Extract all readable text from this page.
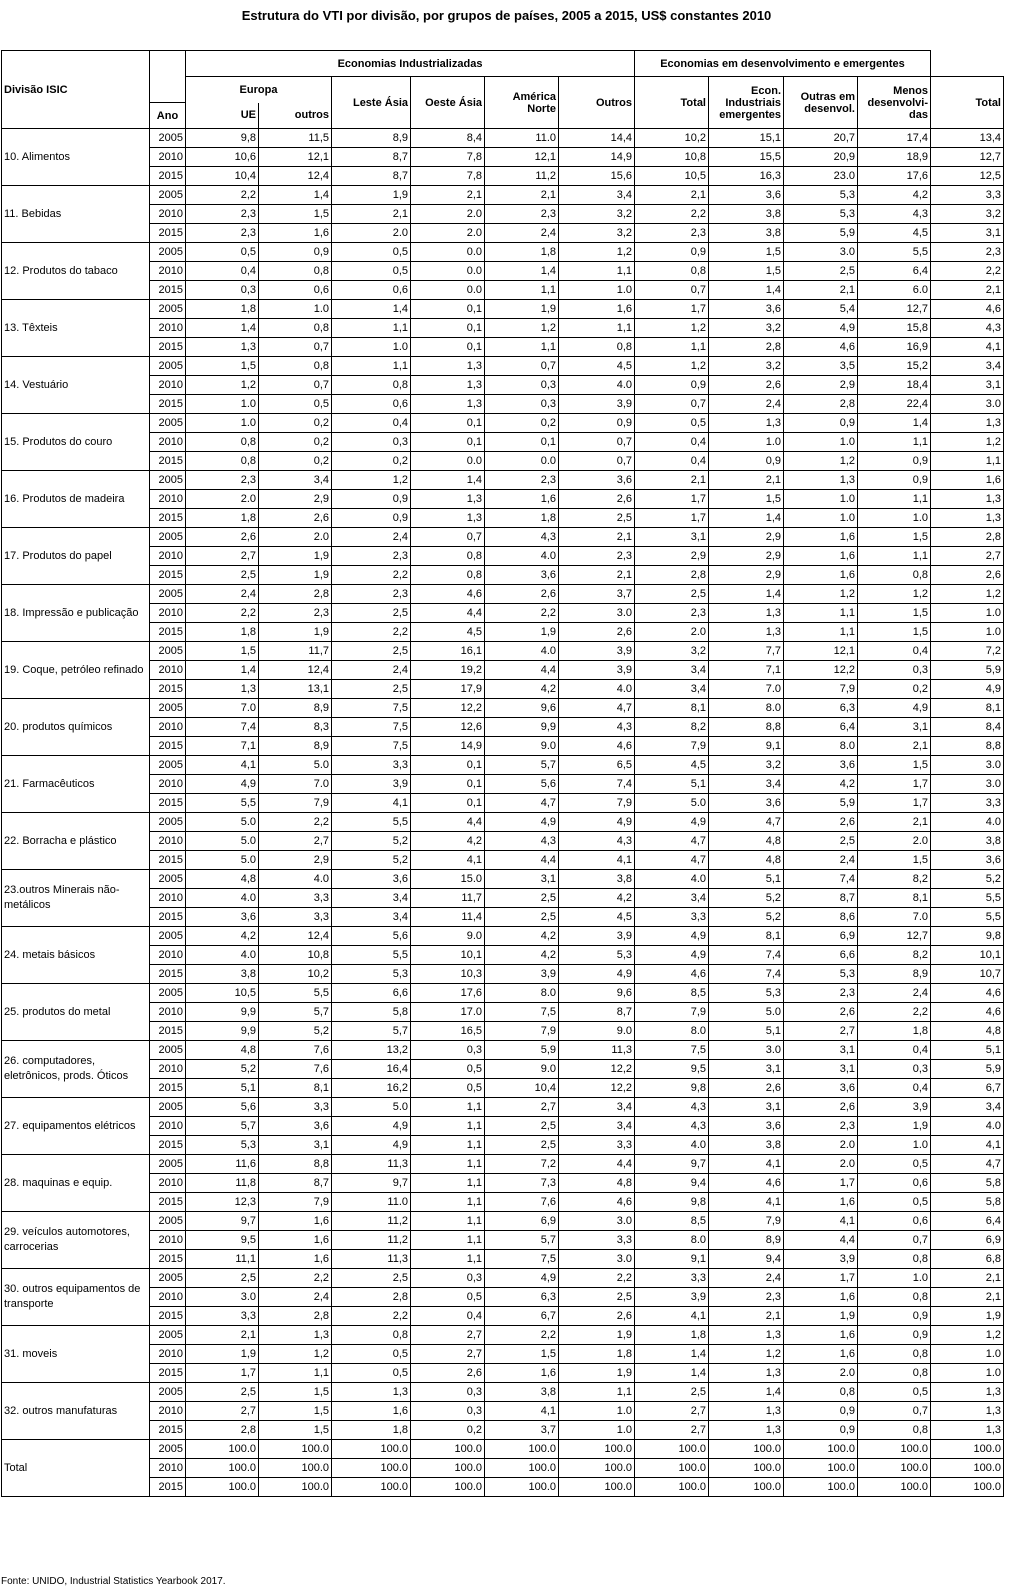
Estrutura do VTI por divisão, por grupos de países, 2005 a 2015, US$ constantes 2010
Divisão ISIC		Economias Industrializadas						Economias em desenvolvimento e emergentes				
		Europa		Leste Ásia	Oeste Ásia	América Norte	Outros	Total	Econ. Industriais emergentes	Outras em desenvol.	Menos desenvolvi-das	Total
	Ano	UE	outros									
10. Alimentos	2005	9,8	11,5	8,9	8,4	11.0	14,4	10,2	15,1	20,7	17,4	13,4
	2010	10,6	12,1	8,7	7,8	12,1	14,9	10,8	15,5	20,9	18,9	12,7
	2015	10,4	12,4	8,7	7,8	11,2	15,6	10,5	16,3	23.0	17,6	12,5
11. Bebidas	2005	2,2	1,4	1,9	2,1	2,1	3,4	2,1	3,6	5,3	4,2	3,3
	2010	2,3	1,5	2,1	2.0	2,3	3,2	2,2	3,8	5,3	4,3	3,2
	2015	2,3	1,6	2.0	2.0	2,4	3,2	2,3	3,8	5,9	4,5	3,1
12. Produtos do tabaco	2005	0,5	0,9	0,5	0.0	1,8	1,2	0,9	1,5	3.0	5,5	2,3
	2010	0,4	0,8	0,5	0.0	1,4	1,1	0,8	1,5	2,5	6,4	2,2
	2015	0,3	0,6	0,6	0.0	1,1	1.0	0,7	1,4	2,1	6.0	2,1
13. Têxteis	2005	1,8	1.0	1,4	0,1	1,9	1,6	1,7	3,6	5,4	12,7	4,6
	2010	1,4	0,8	1,1	0,1	1,2	1,1	1,2	3,2	4,9	15,8	4,3
	2015	1,3	0,7	1.0	0,1	1,1	0,8	1,1	2,8	4,6	16,9	4,1
14. Vestuário	2005	1,5	0,8	1,1	1,3	0,7	4,5	1,2	3,2	3,5	15,2	3,4
	2010	1,2	0,7	0,8	1,3	0,3	4.0	0,9	2,6	2,9	18,4	3,1
	2015	1.0	0,5	0,6	1,3	0,3	3,9	0,7	2,4	2,8	22,4	3.0
15. Produtos do couro	2005	1.0	0,2	0,4	0,1	0,2	0,9	0,5	1,3	0,9	1,4	1,3
	2010	0,8	0,2	0,3	0,1	0,1	0,7	0,4	1.0	1.0	1,1	1,2
	2015	0,8	0,2	0,2	0.0	0.0	0,7	0,4	0,9	1,2	0,9	1,1
16. Produtos de madeira	2005	2,3	3,4	1,2	1,4	2,3	3,6	2,1	2,1	1,3	0,9	1,6
	2010	2.0	2,9	0,9	1,3	1,6	2,6	1,7	1,5	1.0	1,1	1,3
	2015	1,8	2,6	0,9	1,3	1,8	2,5	1,7	1,4	1.0	1.0	1,3
17. Produtos do papel	2005	2,6	2.0	2,4	0,7	4,3	2,1	3,1	2,9	1,6	1,5	2,8
	2010	2,7	1,9	2,3	0,8	4.0	2,3	2,9	2,9	1,6	1,1	2,7
	2015	2,5	1,9	2,2	0,8	3,6	2,1	2,8	2,9	1,6	0,8	2,6
18. Impressão e publicação	2005	2,4	2,8	2,3	4,6	2,6	3,7	2,5	1,4	1,2	1,2	1,2
	2010	2,2	2,3	2,5	4,4	2,2	3.0	2,3	1,3	1,1	1,5	1.0
	2015	1,8	1,9	2,2	4,5	1,9	2,6	2.0	1,3	1,1	1,5	1.0
19. Coque, petróleo refinado	2005	1,5	11,7	2,5	16,1	4.0	3,9	3,2	7,7	12,1	0,4	7,2
	2010	1,4	12,4	2,4	19,2	4,4	3,9	3,4	7,1	12,2	0,3	5,9
	2015	1,3	13,1	2,5	17,9	4,2	4.0	3,4	7.0	7,9	0,2	4,9
20. produtos químicos	2005	7.0	8,9	7,5	12,2	9,6	4,7	8,1	8.0	6,3	4,9	8,1
	2010	7,4	8,3	7,5	12,6	9,9	4,3	8,2	8,8	6,4	3,1	8,4
	2015	7,1	8,9	7,5	14,9	9.0	4,6	7,9	9,1	8.0	2,1	8,8
21. Farmacêuticos	2005	4,1	5.0	3,3	0,1	5,7	6,5	4,5	3,2	3,6	1,5	3.0
	2010	4,9	7.0	3,9	0,1	5,6	7,4	5,1	3,4	4,2	1,7	3.0
	2015	5,5	7,9	4,1	0,1	4,7	7,9	5.0	3,6	5,9	1,7	3,3
22. Borracha e plástico	2005	5.0	2,2	5,5	4,4	4,9	4,9	4,9	4,7	2,6	2,1	4.0
	2010	5.0	2,7	5,2	4,2	4,3	4,3	4,7	4,8	2,5	2.0	3,8
	2015	5.0	2,9	5,2	4,1	4,4	4,1	4,7	4,8	2,4	1,5	3,6
23.outros Minerais não-metálicos	2005	4,8	4.0	3,6	15.0	3,1	3,8	4.0	5,1	7,4	8,2	5,2
	2010	4.0	3,3	3,4	11,7	2,5	4,2	3,4	5,2	8,7	8,1	5,5
	2015	3,6	3,3	3,4	11,4	2,5	4,5	3,3	5,2	8,6	7.0	5,5
24. metais básicos	2005	4,2	12,4	5,6	9.0	4,2	3,9	4,9	8,1	6,9	12,7	9,8
	2010	4.0	10,8	5,5	10,1	4,2	5,3	4,9	7,4	6,6	8,2	10,1
	2015	3,8	10,2	5,3	10,3	3,9	4,9	4,6	7,4	5,3	8,9	10,7
25. produtos do metal	2005	10,5	5,5	6,6	17,6	8.0	9,6	8,5	5,3	2,3	2,4	4,6
	2010	9,9	5,7	5,8	17.0	7,5	8,7	7,9	5.0	2,6	2,2	4,6
	2015	9,9	5,2	5,7	16,5	7,9	9.0	8.0	5,1	2,7	1,8	4,8
26. computadores, eletrônicos, prods. Óticos	2005	4,8	7,6	13,2	0,3	5,9	11,3	7,5	3.0	3,1	0,4	5,1
	2010	5,2	7,6	16,4	0,5	9.0	12,2	9,5	3,1	3,1	0,3	5,9
	2015	5,1	8,1	16,2	0,5	10,4	12,2	9,8	2,6	3,6	0,4	6,7
27. equipamentos elétricos	2005	5,6	3,3	5.0	1,1	2,7	3,4	4,3	3,1	2,6	3,9	3,4
	2010	5,7	3,6	4,9	1,1	2,5	3,4	4,3	3,6	2,3	1,9	4.0
	2015	5,3	3,1	4,9	1,1	2,5	3,3	4.0	3,8	2.0	1.0	4,1
28. maquinas e equip.	2005	11,6	8,8	11,3	1,1	7,2	4,4	9,7	4,1	2.0	0,5	4,7
	2010	11,8	8,7	9,7	1,1	7,3	4,8	9,4	4,6	1,7	0,6	5,8
	2015	12,3	7,9	11.0	1,1	7,6	4,6	9,8	4,1	1,6	0,5	5,8
29. veículos automotores, carrocerias	2005	9,7	1,6	11,2	1,1	6,9	3.0	8,5	7,9	4,1	0,6	6,4
	2010	9,5	1,6	11,2	1,1	5,7	3,3	8.0	8,9	4,4	0,7	6,9
	2015	11,1	1,6	11,3	1,1	7,5	3.0	9,1	9,4	3,9	0,8	6,8
30. outros equipamentos de transporte	2005	2,5	2,2	2,5	0,3	4,9	2,2	3,3	2,4	1,7	1.0	2,1
	2010	3.0	2,4	2,8	0,5	6,3	2,5	3,9	2,3	1,6	0,8	2,1
	2015	3,3	2,8	2,2	0,4	6,7	2,6	4,1	2,1	1,9	0,9	1,9
31. moveis	2005	2,1	1,3	0,8	2,7	2,2	1,9	1,8	1,3	1,6	0,9	1,2
	2010	1,9	1,2	0,5	2,7	1,5	1,8	1,4	1,2	1,6	0,8	1.0
	2015	1,7	1,1	0,5	2,6	1,6	1,9	1,4	1,3	2.0	0,8	1.0
32. outros manufaturas	2005	2,5	1,5	1,3	0,3	3,8	1,1	2,5	1,4	0,8	0,5	1,3
	2010	2,7	1,5	1,6	0,3	4,1	1.0	2,7	1,3	0,9	0,7	1,3
	2015	2,8	1,5	1,8	0,2	3,7	1.0	2,7	1,3	0,9	0,8	1,3
Total	2005	100.0	100.0	100.0	100.0	100.0	100.0	100.0	100.0	100.0	100.0	100.0
	2010	100.0	100.0	100.0	100.0	100.0	100.0	100.0	100.0	100.0	100.0	100.0
	2015	100.0	100.0	100.0	100.0	100.0	100.0	100.0	100.0	100.0	100.0	100.0
Fonte: UNIDO, Industrial Statistics Yearbook 2017.
